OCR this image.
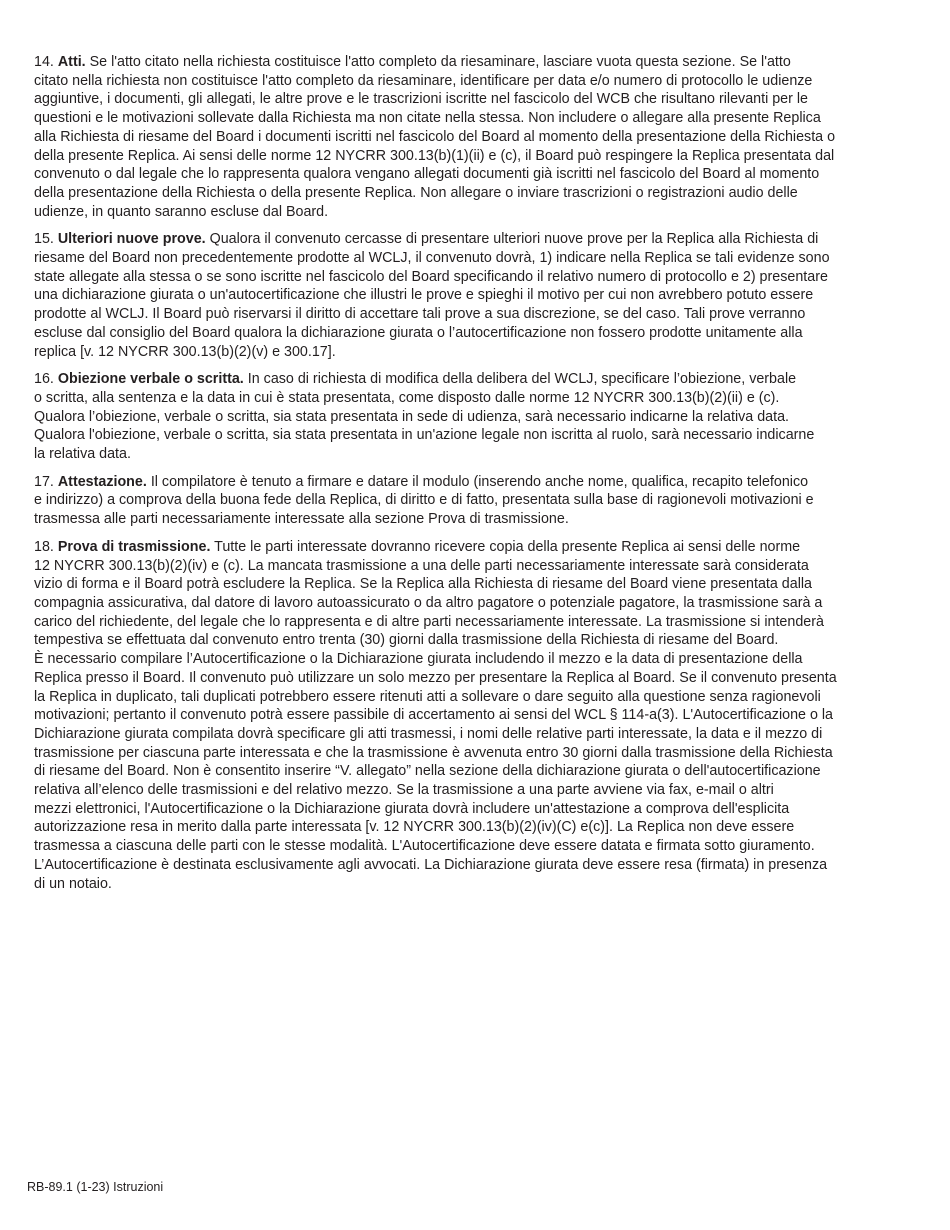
14. Atti. Se l'atto citato nella richiesta costituisce l'atto completo da riesaminare, lasciare vuota questa sezione. Se l'atto
citato nella richiesta non costituisce l'atto completo da riesaminare, identificare per data e/o numero di protocollo le udienze
aggiuntive, i documenti, gli allegati, le altre prove e le trascrizioni iscritte nel fascicolo del WCB che risultano rilevanti per le
questioni e le motivazioni sollevate dalla Richiesta ma non citate nella stessa. Non includere o allegare alla presente Replica
alla Richiesta di riesame del Board i documenti iscritti nel fascicolo del Board al momento della presentazione della Richiesta o
della presente Replica. Ai sensi delle norme 12 NYCRR 300.13(b)(1)(ii) e (c), il Board può respingere la Replica presentata dal
convenuto o dal legale che lo rappresenta qualora vengano allegati documenti già iscritti nel fascicolo del Board al momento
della presentazione della Richiesta o della presente Replica. Non allegare o inviare trascrizioni o registrazioni audio delle
udienze, in quanto saranno escluse dal Board.

15. Ulteriori nuove prove. Qualora il convenuto cercasse di presentare ulteriori nuove prove per la Replica alla Richiesta di
riesame del Board non precedentemente prodotte al WCLJ, il convenuto dovrà, 1) indicare nella Replica se tali evidenze sono
state allegate alla stessa o se sono iscritte nel fascicolo del Board specificando il relativo numero di protocollo e 2) presentare
una dichiarazione giurata o un'autocertificazione che illustri le prove e spieghi il motivo per cui non avrebbero potuto essere
prodotte al WCLJ. Il Board può riservarsi il diritto di accettare tali prove a sua discrezione, se del caso. Tali prove verranno
escluse dal consiglio del Board qualora la dichiarazione giurata o l’autocertificazione non fossero prodotte unitamente alla
replica [v. 12 NYCRR 300.13(b)(2)(v) e 300.17].

16. Obiezione verbale o scritta. In caso di richiesta di modifica della delibera del WCLJ, specificare l’obiezione, verbale
o scritta, alla sentenza e la data in cui è stata presentata, come disposto dalle norme 12 NYCRR 300.13(b)(2)(ii) e (c).
Qualora l’obiezione, verbale o scritta, sia stata presentata in sede di udienza, sarà necessario indicarne la relativa data.
Qualora l'obiezione, verbale o scritta, sia stata presentata in un'azione legale non iscritta al ruolo, sarà necessario indicarne
la relativa data.

17. Attestazione. Il compilatore è tenuto a firmare e datare il modulo (inserendo anche nome, qualifica, recapito telefonico
e indirizzo) a comprova della buona fede della Replica, di diritto e di fatto, presentata sulla base di ragionevoli motivazioni e
trasmessa alle parti necessariamente interessate alla sezione Prova di trasmissione.

18. Prova di trasmissione. Tutte le parti interessate dovranno ricevere copia della presente Replica ai sensi delle norme
12 NYCRR 300.13(b)(2)(iv) e (c). La mancata trasmissione a una delle parti necessariamente interessate sarà considerata
vizio di forma e il Board potrà escludere la Replica. Se la Replica alla Richiesta di riesame del Board viene presentata dalla
compagnia assicurativa, dal datore di lavoro autoassicurato o da altro pagatore o potenziale pagatore, la trasmissione sarà a
carico del richiedente, del legale che lo rappresenta e di altre parti necessariamente interessate. La trasmissione si intenderà
tempestiva se effettuata dal convenuto entro trenta (30) giorni dalla trasmissione della Richiesta di riesame del Board.
È necessario compilare l’Autocertificazione o la Dichiarazione giurata includendo il mezzo e la data di presentazione della
Replica presso il Board. Il convenuto può utilizzare un solo mezzo per presentare la Replica al Board. Se il convenuto presenta
la Replica in duplicato, tali duplicati potrebbero essere ritenuti atti a sollevare o dare seguito alla questione senza ragionevoli
motivazioni; pertanto il convenuto potrà essere passibile di accertamento ai sensi del WCL § 114-a(3). L'Autocertificazione o la
Dichiarazione giurata compilata dovrà specificare gli atti trasmessi, i nomi delle relative parti interessate, la data e il mezzo di
trasmissione per ciascuna parte interessata e che la trasmissione è avvenuta entro 30 giorni dalla trasmissione della Richiesta
di riesame del Board. Non è consentito inserire “V. allegato” nella sezione della dichiarazione giurata o dell'autocertificazione
relativa all’elenco delle trasmissioni e del relativo mezzo. Se la trasmissione a una parte avviene via fax, e-mail o altri
mezzi elettronici, l'Autocertificazione o la Dichiarazione giurata dovrà includere un'attestazione a comprova dell'esplicita
autorizzazione resa in merito dalla parte interessata [v. 12 NYCRR 300.13(b)(2)(iv)(C) e(c)]. La Replica non deve essere
trasmessa a ciascuna delle parti con le stesse modalità. L'Autocertificazione deve essere datata e firmata sotto giuramento.
L’Autocertificazione è destinata esclusivamente agli avvocati. La Dichiarazione giurata deve essere resa (firmata) in presenza
di un notaio.

RB-89.1 (1-23) Istruzioni
